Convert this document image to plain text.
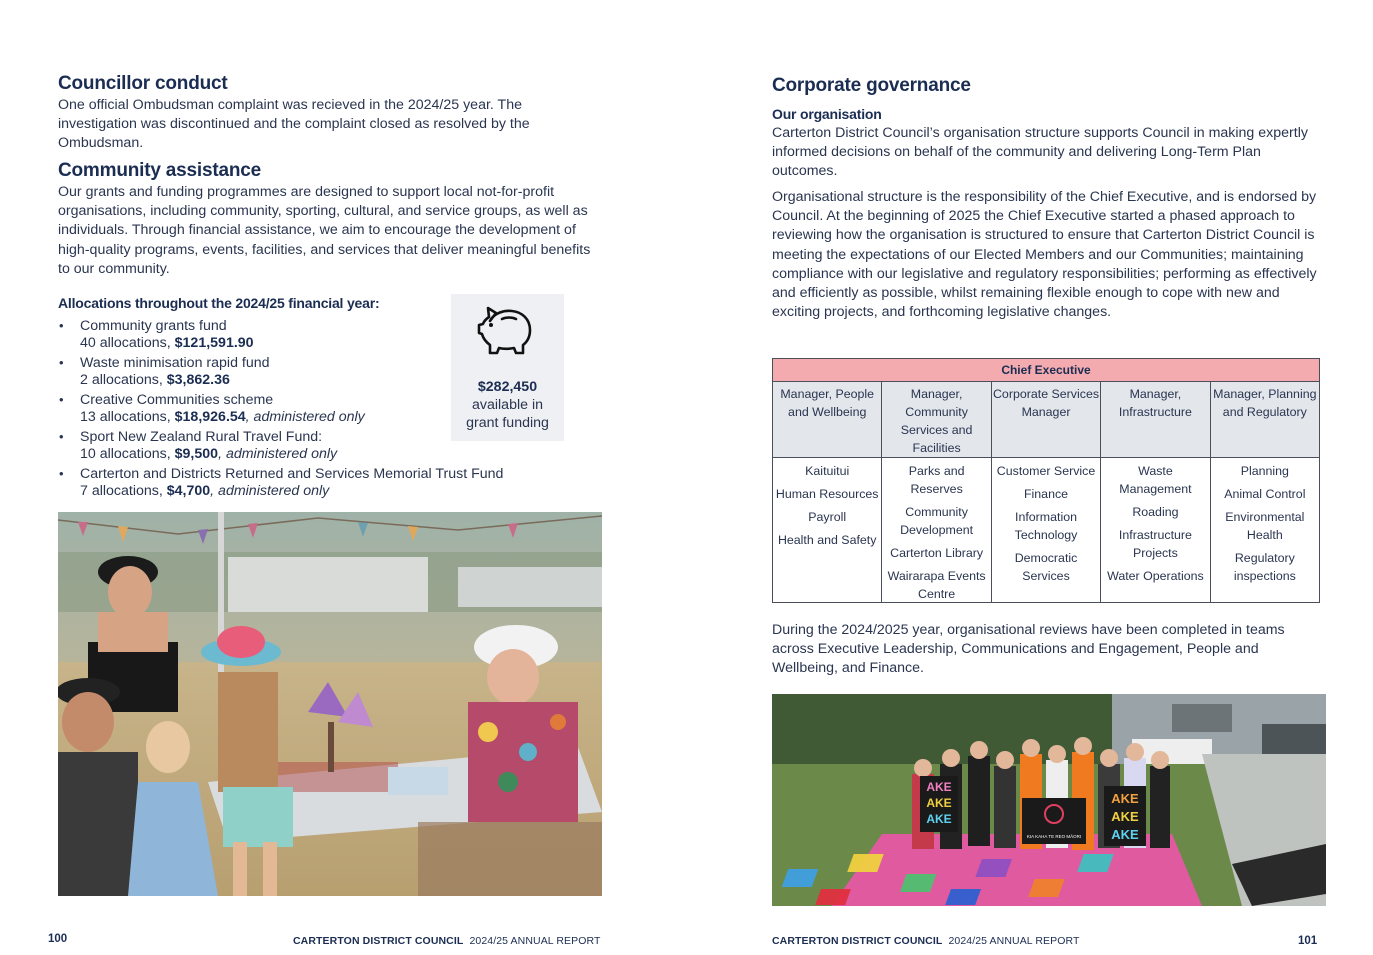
Councillor conduct

One official Ombudsman complaint was recieved in the 2024/25 year. The investigation was discontinued and the complaint closed as resolved by the Ombudsman.

Community assistance

Our grants and funding programmes are designed to support local not-for-profit organisations, including community, sporting, cultural, and service groups, as well as individuals. Through financial assistance, we aim to encourage the development of high-quality programs, events, facilities, and services that deliver meaningful benefits to our community.

Allocations throughout the 2024/25 financial year:
• Community grants fund
40 allocations, $121,591.90
• Waste minimisation rapid fund
2 allocations, $3,862.36
• Creative Communities scheme
13 allocations, $18,926.54, administered only
• Sport New Zealand Rural Travel Fund:
10 allocations, $9,500, administered only
• Carterton and Districts Returned and Services Memorial Trust Fund
7 allocations, $4,700, administered only
$282,450
available in
grant funding
100	CARTERTON DISTRICT COUNCIL 2024/25 ANNUAL REPORT
Corporate governance
Our organisation

Carterton District Council’s organisation structure supports Council in making expertly informed decisions on behalf of the community and delivering Long-Term Plan outcomes.

Organisational structure is the responsibility of the Chief Executive, and is endorsed by Council. At the beginning of 2025 the Chief Executive started a phased approach to reviewing how the organisation is structured to ensure that Carterton District Council is meeting the expectations of our Elected Members and our Communities; maintaining compliance with our legislative and regulatory responsibilities; performing as effectively and efficiently as possible, whilst remaining flexible enough to cope with new and exciting projects, and forthcoming legislative changes.

Chief Executive
Manager, People and Wellbeing
Manager, Community Services and Facilities
Corporate Services Manager
Manager, Infrastructure
Manager, Planning and Regulatory
Kaituitui
Human Resources
Payroll
Health and Safety
Parks and Reserves
Community Development
Carterton Library
Wairarapa Events Centre
Customer Service
Finance
Information Technology
Democratic Services
Waste Management
Roading
Infrastructure Projects
Water Operations
Planning
Animal Control
Environmental Health
Regulatory inspections

During the 2024/2025 year, organisational reviews have been completed in teams across Executive Leadership, Communications and Engagement, People and Wellbeing, and Finance.

AKE
AKE
AKE
KIA KAHA TE REO MĀORI
AKE
AKE
AKE
CARTERTON DISTRICT COUNCIL 2024/25 ANNUAL REPORT	101
